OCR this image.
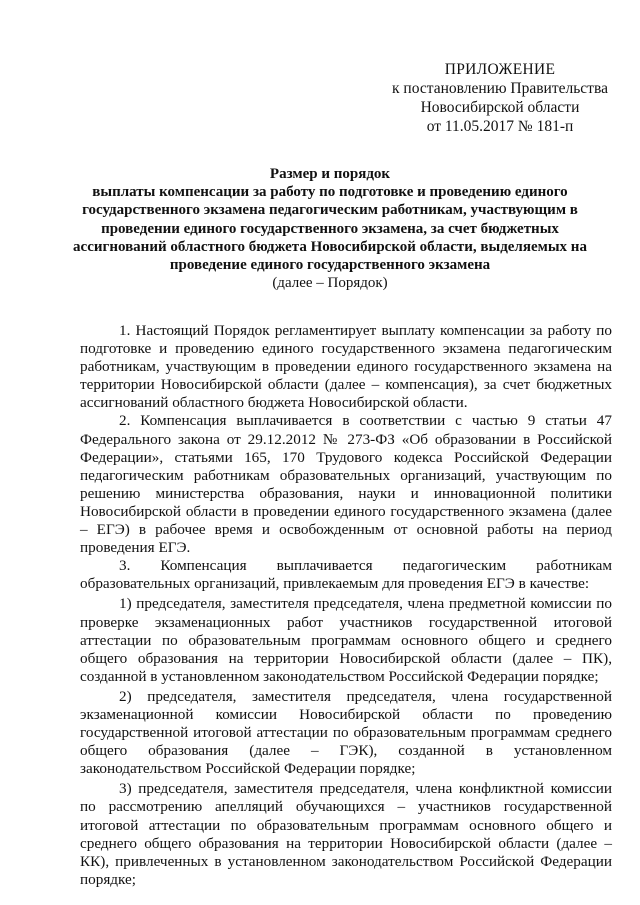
ПРИЛОЖЕНИЕ
к постановлению Правительства
Новосибирской области
от 11.05.2017 № 181-п
Размер и порядок
выплаты компенсации за работу по подготовке и проведению единого государственного экзамена педагогическим работникам, участвующим в проведении единого государственного экзамена, за счет бюджетных ассигнований областного бюджета Новосибирской области, выделяемых на проведение единого государственного экзамена
(далее – Порядок)

1. Настоящий Порядок регламентирует выплату компенсации за работу по подготовке и проведению единого государственного экзамена педагогическим работникам, участвующим в проведении единого государственного экзамена на территории Новосибирской области (далее – компенсация), за счет бюджетных ассигнований областного бюджета Новосибирской области.

2. Компенсация выплачивается в соответствии с частью 9 статьи 47 Федерального закона от 29.12.2012 № 273-ФЗ «Об образовании в Российской Федерации», статьями 165, 170 Трудового кодекса Российской Федерации педагогическим работникам образовательных организаций, участвующим по решению министерства образования, науки и инновационной политики Новосибирской области в проведении единого государственного экзамена (далее – ЕГЭ) в рабочее время и освобожденным от основной работы на период проведения ЕГЭ.

3. Компенсация выплачивается педагогическим работникам образовательных организаций, привлекаемым для проведения ЕГЭ в качестве:

1) председателя, заместителя председателя, члена предметной комиссии по проверке экзаменационных работ участников государственной итоговой аттестации по образовательным программам основного общего и среднего общего образования на территории Новосибирской области (далее – ПК), созданной в установленном законодательством Российской Федерации порядке;

2) председателя, заместителя председателя, члена государственной экзаменационной комиссии Новосибирской области по проведению государственной итоговой аттестации по образовательным программам среднего общего образования (далее – ГЭК), созданной в установленном законодательством Российской Федерации порядке;

3) председателя, заместителя председателя, члена конфликтной комиссии по рассмотрению апелляций обучающихся – участников государственной итоговой аттестации по образовательным программам основного общего и среднего общего образования на территории Новосибирской области (далее – КК), привлеченных в установленном законодательством Российской Федерации порядке;
